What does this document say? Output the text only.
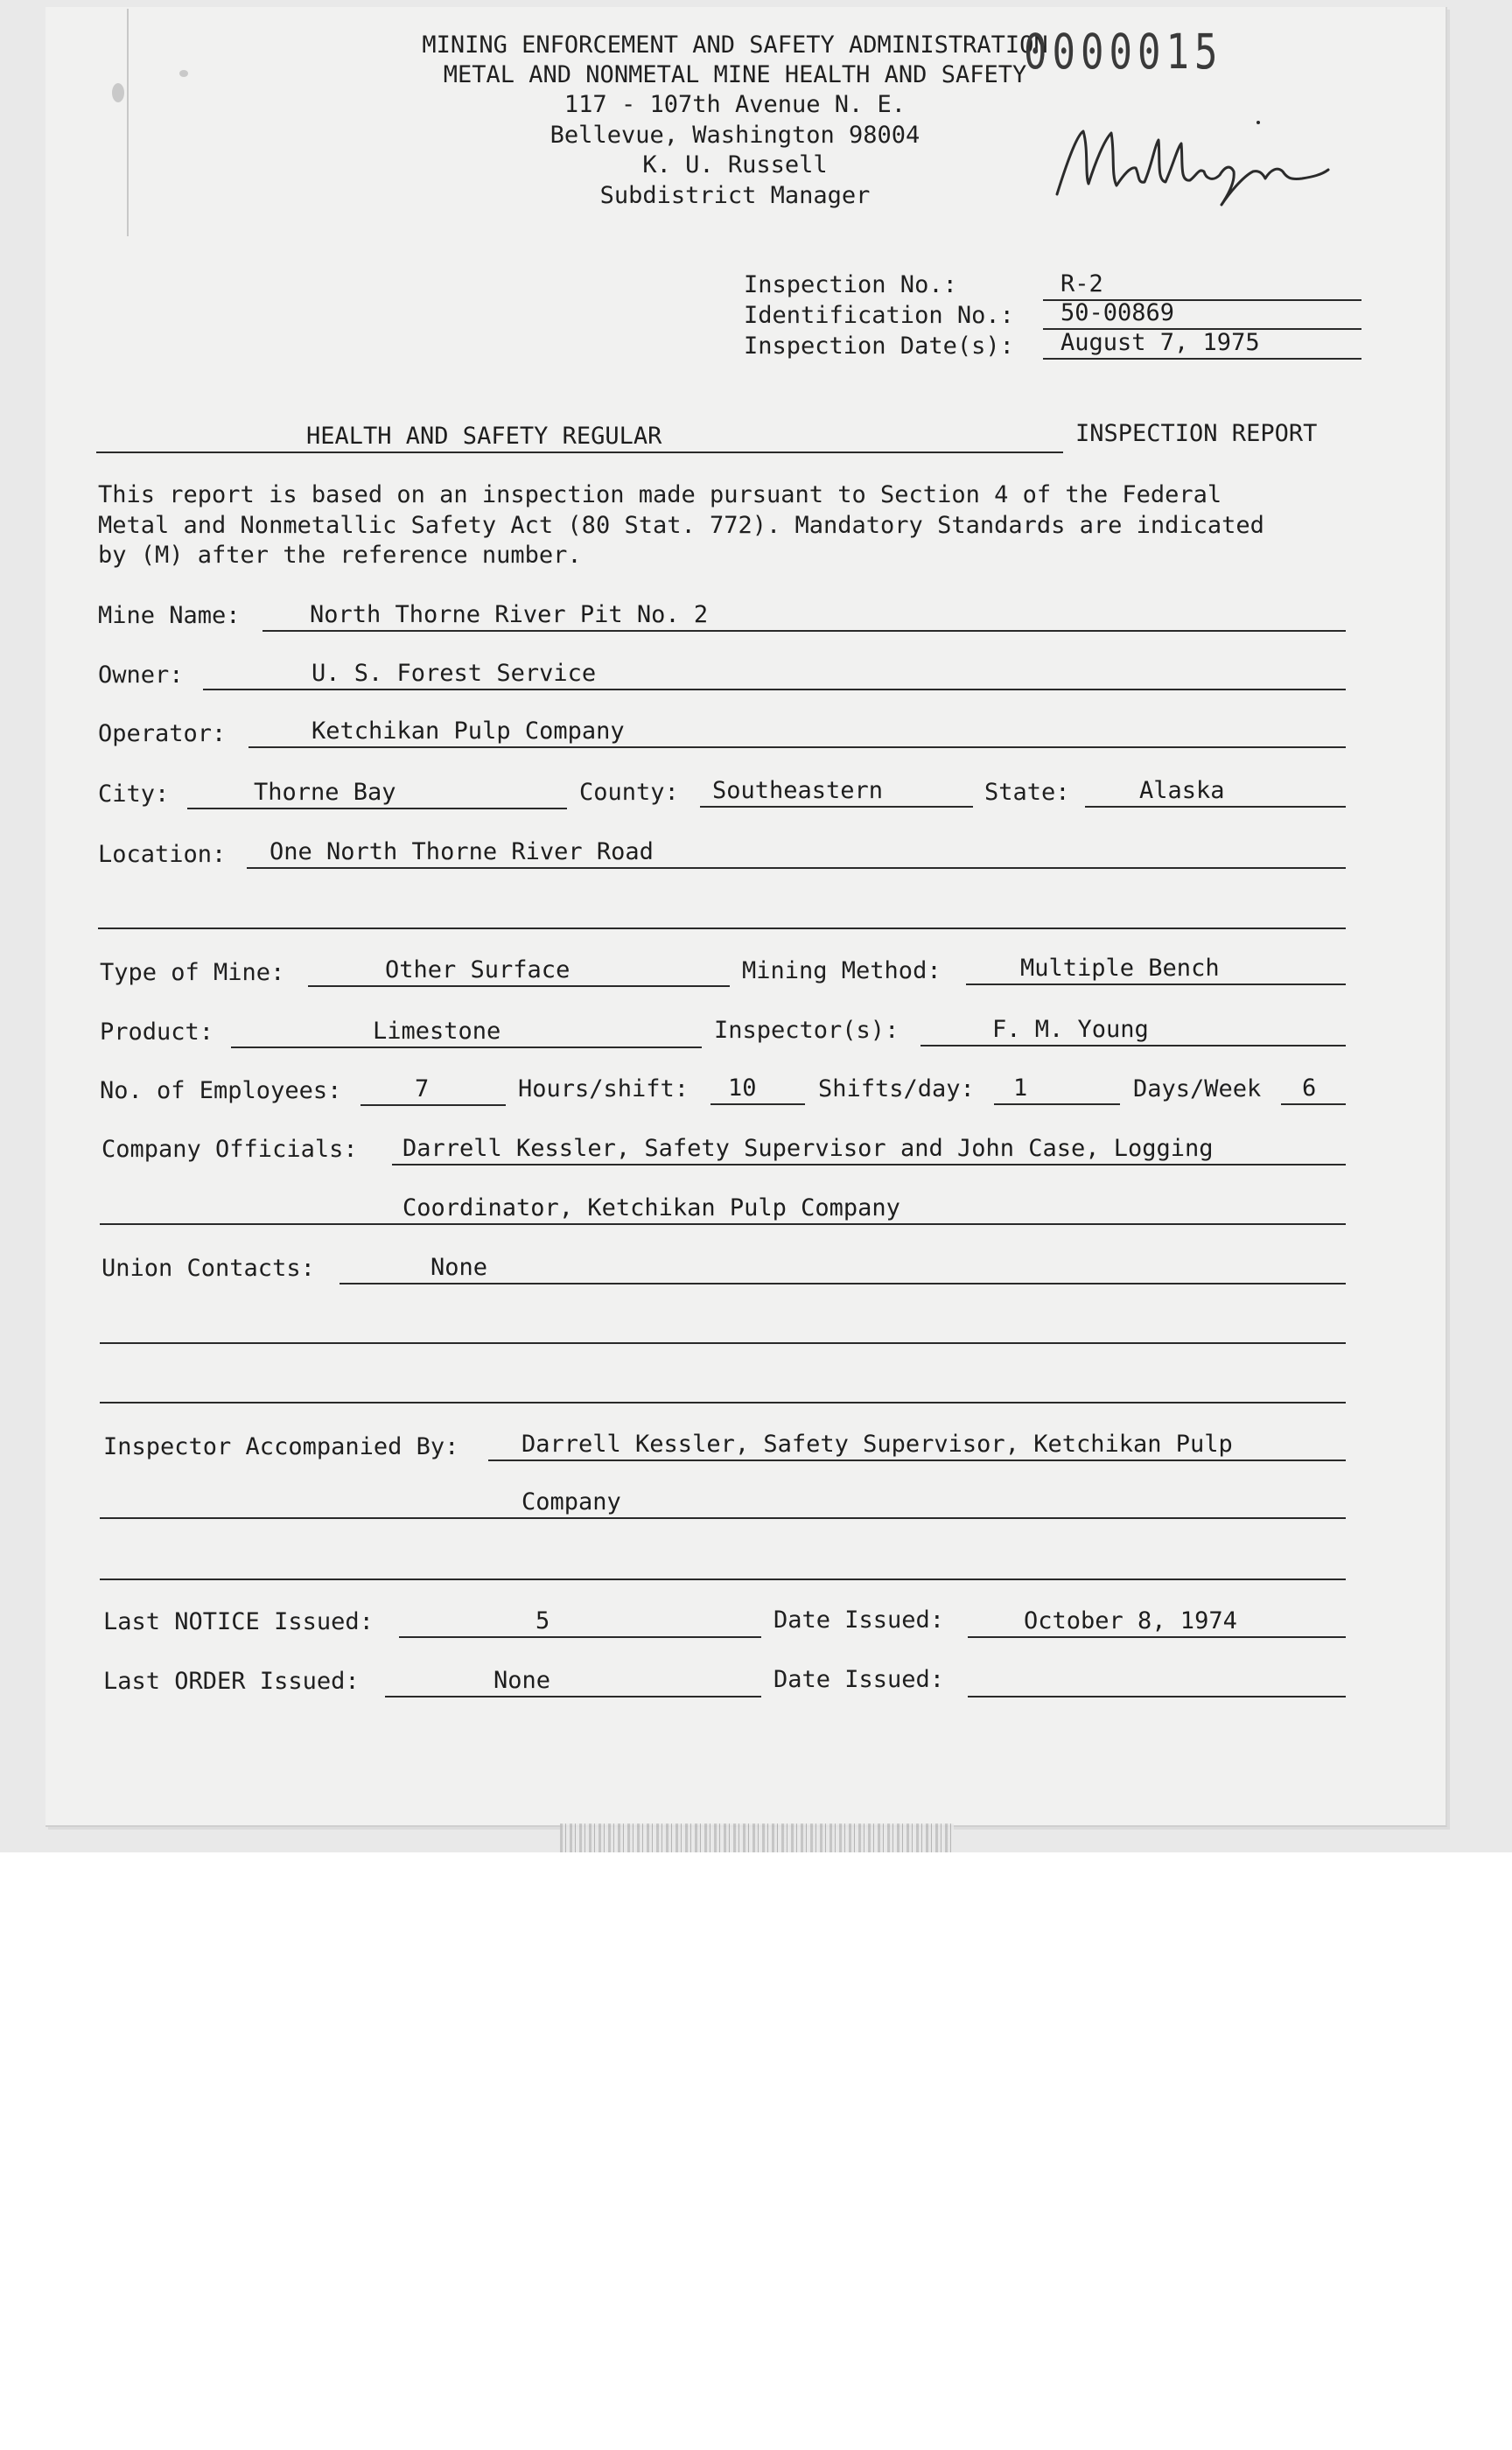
MINING ENFORCEMENT AND SAFETY ADMINISTRATION
METAL AND NONMETAL MINE HEALTH AND SAFETY
117 - 107th Avenue N. E.
Bellevue, Washington 98004
K. U. Russell
Subdistrict Manager
0000015
Inspection No.:	R-2
Identification No.: 50-00869
Inspection Date(s): August 7, 1975
HEALTH AND SAFETY REGULAR	INSPECTION REPORT
This report is based on an inspection made pursuant to Section 4 of the Federal
Metal and Nonmetallic Safety Act (80 Stat. 772). Mandatory Standards are indicated
by (M) after the reference number.
Mine Name:	North Thorne River Pit No. 2
Owner:	U. S. Forest Service
Operator:	Ketchikan Pulp Company
City:	Thorne Bay	County: Southeastern	State:	Alaska
Location: One North Thorne River Road
Type of Mine:	Other Surface	Mining Method:	Multiple Bench
Product:	Limestone	Inspector(s):	F. M. Young
No. of Employees:	7	Hours/shift: 10	Shifts/day: 1	Days/Week 6
Company Officials: Darrell Kessler, Safety Supervisor and John Case, Logging
Coordinator, Ketchikan Pulp Company
Union Contacts:	None
Inspector Accompanied By:	Darrell Kessler, Safety Supervisor, Ketchikan Pulp
Company
Last NOTICE Issued:	5	Date Issued:	October 8, 1974
Last ORDER Issued:	None	Date Issued:
